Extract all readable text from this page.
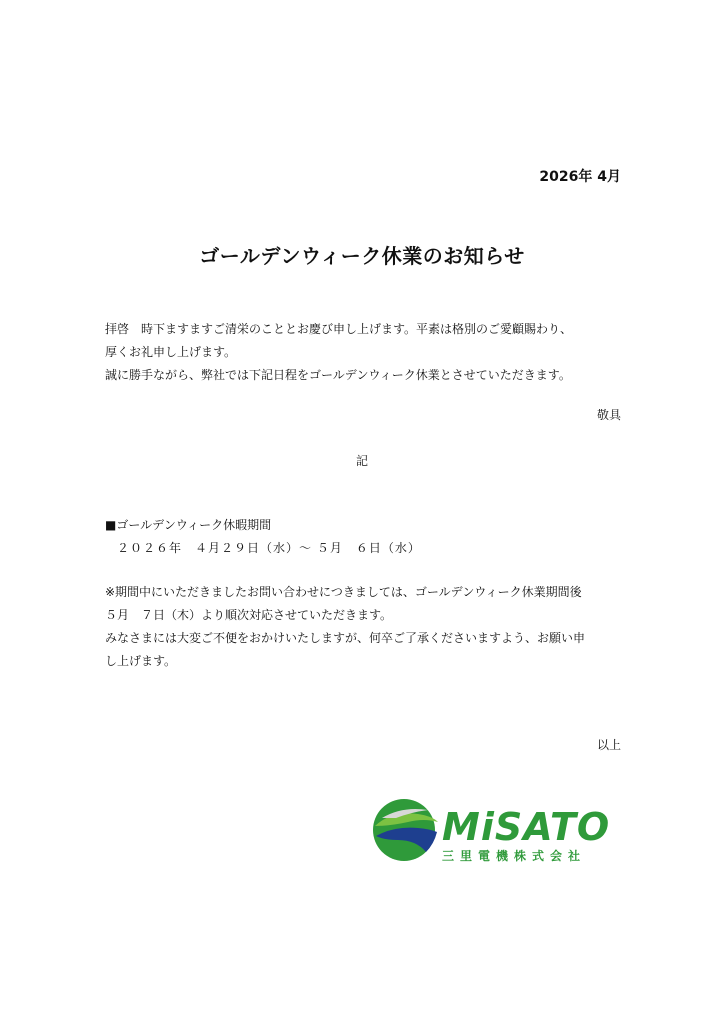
2026年 4月
ゴールデンウィーク休業のお知らせ

拝啓　時下ますますご清栄のこととお慶び申し上げます。平素は格別のご愛顧賜わり、

厚くお礼申し上げます。

誠に勝手ながら、弊社では下記日程をゴールデンウィーク休業とさせていただきます。

敬具
記
■ゴールデンウィーク休暇期間
２０２６年　４月２９日（水）～ ５月　６日（水）

※期間中にいただきましたお問い合わせにつきましては、ゴールデンウィーク休業期間後

５月　７日（木）より順次対応させていただきます。

みなさまには大変ご不便をおかけいたしますが、何卒ご了承くださいますよう、お願い申

し上げます。

以上
MiSATO
三里電機株式会社
